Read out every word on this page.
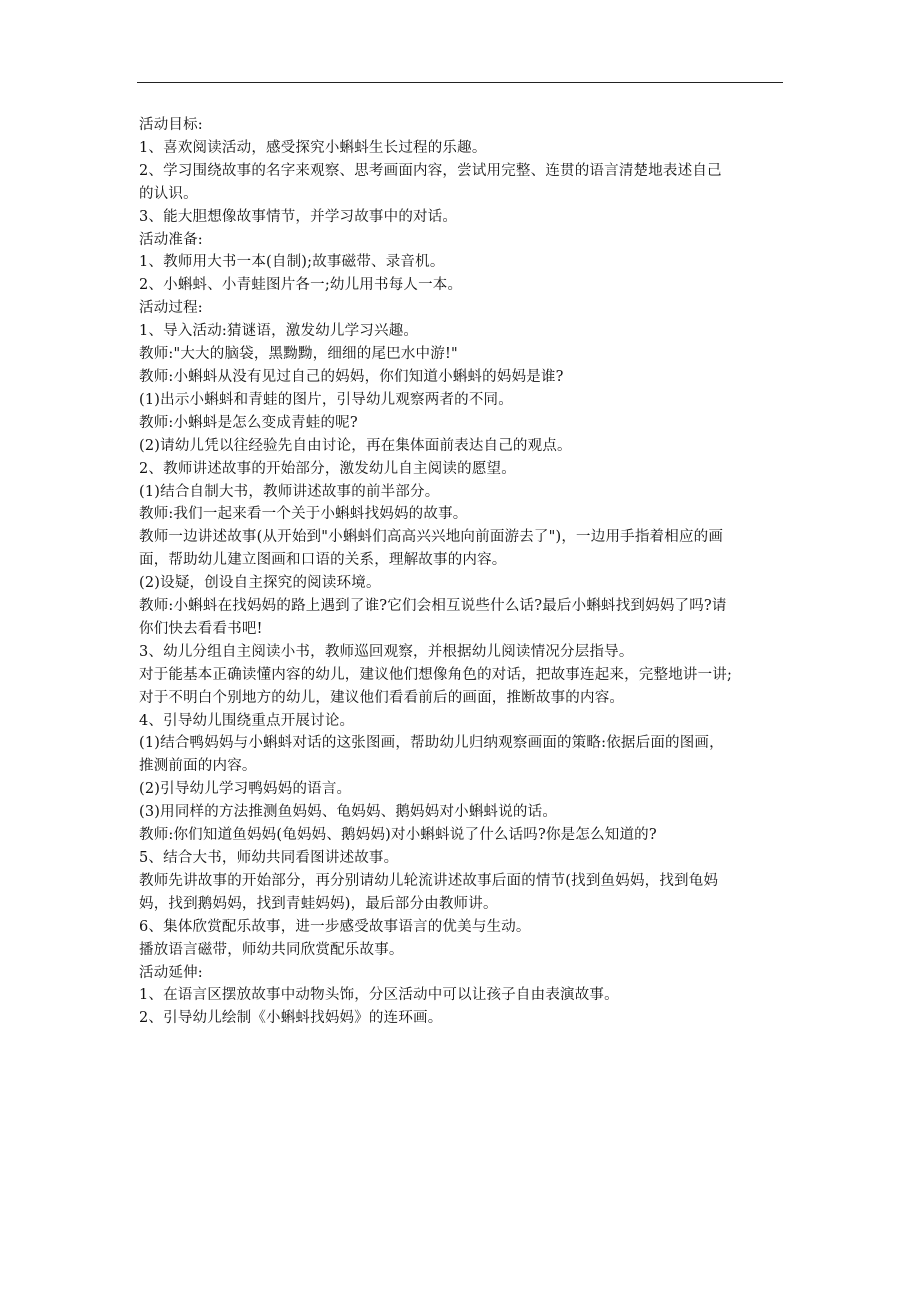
活动目标:
1、喜欢阅读活动，感受探究小蝌蚪生长过程的乐趣。
2、学习围绕故事的名字来观察、思考画面内容，尝试用完整、连贯的语言清楚地表述自己
的认识。
3、能大胆想像故事情节，并学习故事中的对话。
活动准备:
1、教师用大书一本(自制);故事磁带、录音机。
2、小蝌蚪、小青蛙图片各一;幼儿用书每人一本。
活动过程:
1、导入活动:猜谜语，激发幼儿学习兴趣。
教师:"大大的脑袋，黑黝黝，细细的尾巴水中游!"
教师:小蝌蚪从没有见过自己的妈妈，你们知道小蝌蚪的妈妈是谁?
(1)出示小蝌蚪和青蛙的图片，引导幼儿观察两者的不同。
教师:小蝌蚪是怎么变成青蛙的呢?
(2)请幼儿凭以往经验先自由讨论，再在集体面前表达自己的观点。
2、教师讲述故事的开始部分，激发幼儿自主阅读的愿望。
(1)结合自制大书，教师讲述故事的前半部分。
教师:我们一起来看一个关于小蝌蚪找妈妈的故事。
教师一边讲述故事(从开始到"小蝌蚪们高高兴兴地向前面游去了")，一边用手指着相应的画
面，帮助幼儿建立图画和口语的关系，理解故事的内容。
(2)设疑，创设自主探究的阅读环境。
教师:小蝌蚪在找妈妈的路上遇到了谁?它们会相互说些什么话?最后小蝌蚪找到妈妈了吗?请
你们快去看看书吧!
3、幼儿分组自主阅读小书，教师巡回观察，并根据幼儿阅读情况分层指导。
对于能基本正确读懂内容的幼儿，建议他们想像角色的对话，把故事连起来，完整地讲一讲;
对于不明白个别地方的幼儿，建议他们看看前后的画面，推断故事的内容。
4、引导幼儿围绕重点开展讨论。
(1)结合鸭妈妈与小蝌蚪对话的这张图画，帮助幼儿归纳观察画面的策略:依据后面的图画，
推测前面的内容。
(2)引导幼儿学习鸭妈妈的语言。
(3)用同样的方法推测鱼妈妈、龟妈妈、鹅妈妈对小蝌蚪说的话。
教师:你们知道鱼妈妈(龟妈妈、鹅妈妈)对小蝌蚪说了什么话吗?你是怎么知道的?
5、结合大书，师幼共同看图讲述故事。
教师先讲故事的开始部分，再分别请幼儿轮流讲述故事后面的情节(找到鱼妈妈，找到龟妈
妈，找到鹅妈妈，找到青蛙妈妈)，最后部分由教师讲。
6、集体欣赏配乐故事，进一步感受故事语言的优美与生动。
播放语言磁带，师幼共同欣赏配乐故事。
活动延伸:
1、在语言区摆放故事中动物头饰，分区活动中可以让孩子自由表演故事。
2、引导幼儿绘制《小蝌蚪找妈妈》的连环画。
